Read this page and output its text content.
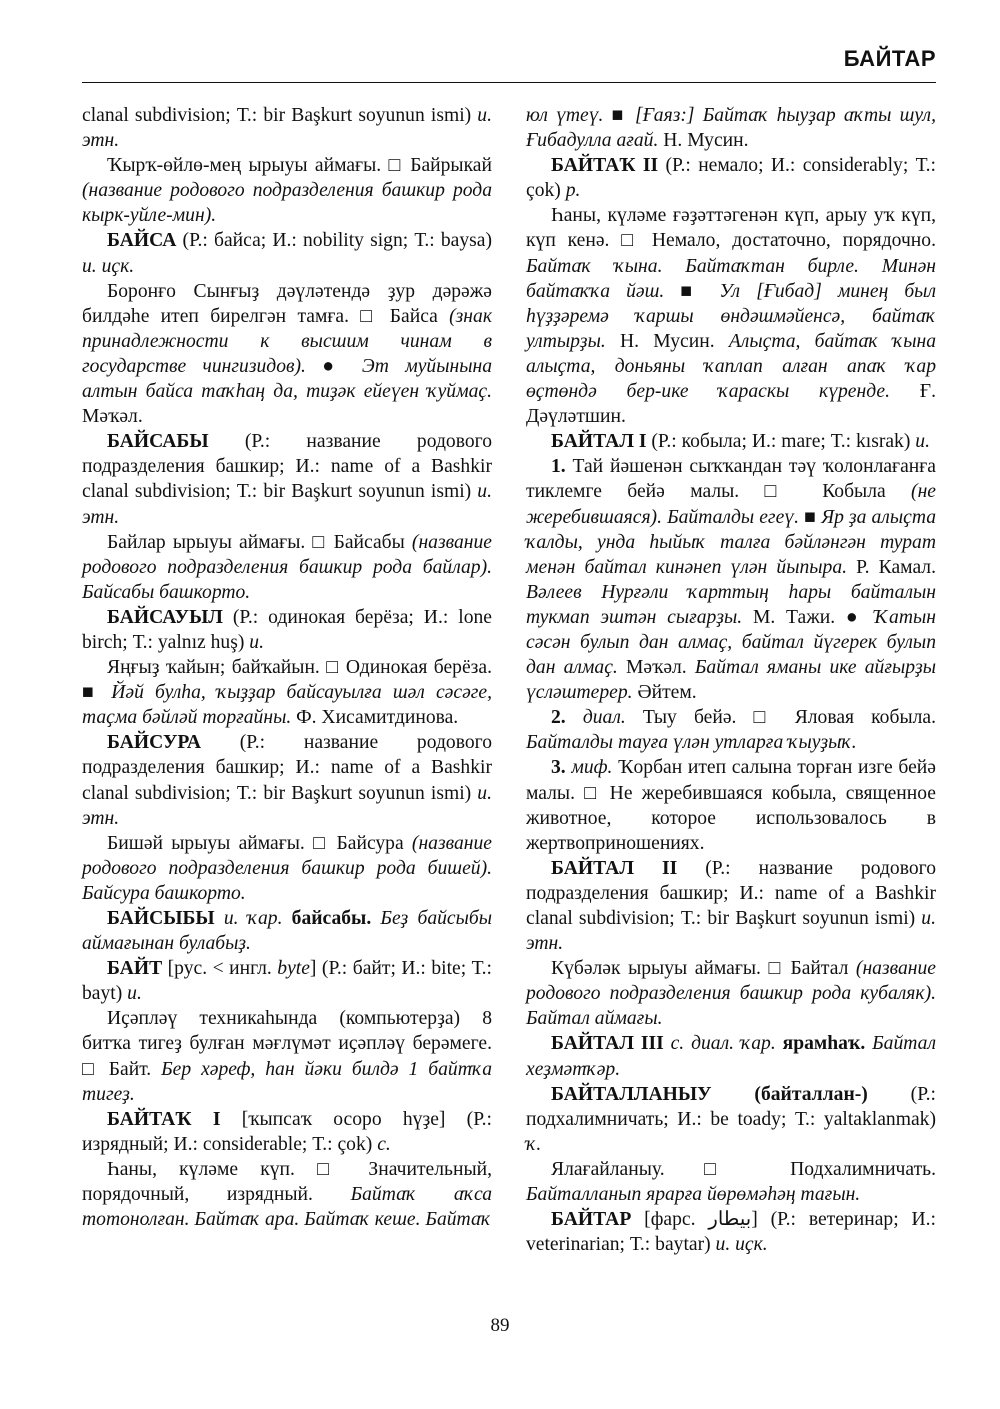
БАЙТАР

clanal subdivision; Т.: bir Başkurt soyunun ismi) и. этн.

Ҡырҡ-өйлө-мең ырыуы аймағы. □ Байрыкай (название родового подразделения башкир рода кырк-уйле-мин).

БАЙСА (Р.: байса; И.: nobility sign; Т.: baysa) и. иҫк.

Боронғо Сынғыҙ дәүләтендә ҙур дәрәжә билдәһе итеп бирелгән тамға. □ Байса (знак принадлежности к высшим чинам в государстве чингизидов). ● Эт муйынына алтын байса таҡһаң да, тиҙәк ейеүен ҡуймаҫ. Мәҡәл.

БАЙСАБЫ (Р.: название родового подразделения башкир; И.: name of a Bashkir clanal subdivision; Т.: bir Başkurt soyunun ismi) и. этн.

Байлар ырыуы аймағы. □ Байсабы (название родового подразделения башкир рода байлар). Байсабы башкорто.

БАЙСАУЫЛ (Р.: одинокая берёза; И.: lone birch; Т.: yalnız huş) и.

Яңғыҙ ҡайын; байҡайын. □ Одинокая берёза. ■ Йәй булһа, ҡыҙҙар байсауылға шәл сәсәге, таҫма бәйләй торғайны. Ф. Хисамитдинова.

БАЙСУРА (Р.: название родового подразделения башкир; И.: name of a Bashkir clanal subdivision; Т.: bir Başkurt soyunun ismi) и. этн.

Бишәй ырыуы аймағы. □ Байсура (название родового подразделения башкир рода бишей). Байсура башкорто.

БАЙСЫБЫ и. ҡар. байсабы. Беҙ байсыбы аймағынан булабыҙ.

БАЙТ [рус. < ингл. byte] (Р.: байт; И.: bite; Т.: bayt) и.

Иҫәпләү техникаһында (компьютерҙа) 8 битҡа тигеҙ булған мәғлүмәт иҫәпләү берәмеге. □ Байт. Бер хәреф, һан йәки билдә 1 байтҡа тигеҙ.

БАЙТАҠ I [ҡыпсаҡ осоро һүҙе] (Р.: изрядный; И.: considerable; Т.: çok) с.

Һаны, күләме күп. □ Значительный, порядочный, изрядный. Байтаҡ аҡса тотонолған. Байтаҡ ара. Байтаҡ кеше. Байтаҡ

юл үтеү. ■ [Ғаяз:] Байтаҡ һыуҙар аҡты шул, Ғибадулла ағай. Н. Мусин.

БАЙТАҠ II (Р.: немало; И.: considerably; Т.: çok) р.

Һаны, күләме ғәҙәттәгенән күп, арыу уҡ күп, күп кенә. □ Немало, достаточно, порядочно. Байтаҡ ҡына. Байтаҡтан бирле. Минән байтаҡҡа йәш. ■ Ул [Ғибад] минең был һүҙҙәремә ҡаршы өндәшмәйенсә, байтаҡ ултырҙы. Н. Мусин. Алыҫта, байтаҡ ҡына алыҫта, доньяны ҡаплап алған апаҡ ҡар өҫтөндә бер-ике ҡараскы күренде. Ғ. Дәүләтшин.

БАЙТАЛ I (Р.: кобыла; И.: mare; Т.: kısrak) и.

1. Тай йәшенән сыҡҡандан тәү ҡолонлағанға тиклемге бейә малы. □ Кобыла (не жеребившаяся). Байталды егеү. ■ Яр ҙа алыҫта ҡалды, унда һыйыҡ талға бәйләнгән турат менән байтал кинәнеп үлән йыпыра. Р. Камал. Вәлеев Нурғәли ҡарттың һары байталын тукмап эштән сығарҙы. М. Тажи. ● Ҡатын сәсән булып дан алмаҫ, байтал йүгерек булып дан алмаҫ. Мәҡәл. Байтал яманы ике айғырҙы үсләштерер. Әйтем.

2. диал. Тыу бейә. □ Яловая кобыла. Байталды тауға үлән утларға ҡыуҙыҡ.

3. миф. Ҡорбан итеп салына торған изге бейә малы. □ Не жеребившаяся кобыла, священное животное, которое использовалось в жертвоприношениях.

БАЙТАЛ II (Р.: название родового подразделения башкир; И.: name of a Bashkir clanal subdivision; Т.: bir Başkurt soyunun ismi) и. этн.

Күбәләк ырыуы аймағы. □ Байтал (название родового подразделения башкир рода кубаляк). Байтал аймағы.

БАЙТАЛ III с. диал. ҡар. ярамһаҡ. Байтал хеҙмәтҡәр.

БАЙТАЛЛАНЫУ (байталлан-) (Р.: подхалимничать; И.: be toady; Т.: yaltaklanmak) ҡ.

Ялағайланыу. □ Подхалимничать. Байталланып ярарға йөрөмәһәң тағын.

БАЙТАР [фарс. بيطار] (Р.: ветеринар; И.: veterinarian; Т.: baytar) и. иҫк.

89
